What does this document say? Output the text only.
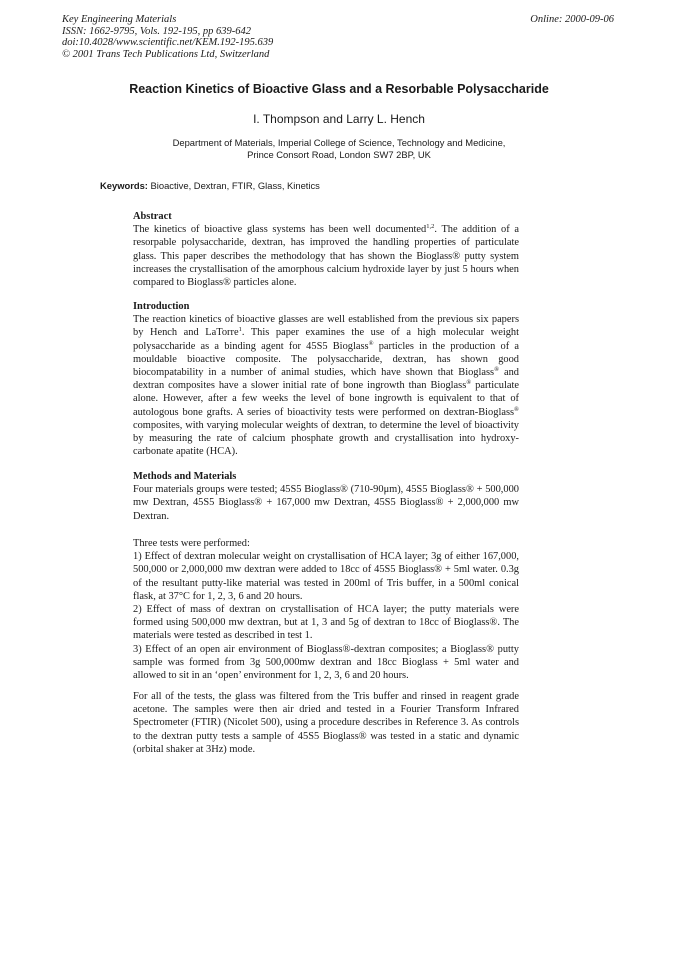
Key Engineering Materials
ISSN: 1662-9795, Vols. 192-195, pp 639-642
doi:10.4028/www.scientific.net/KEM.192-195.639
© 2001 Trans Tech Publications Ltd, Switzerland
Online: 2000-09-06
Reaction Kinetics of Bioactive Glass and a Resorbable Polysaccharide
I. Thompson and Larry L. Hench
Department of Materials, Imperial College of Science, Technology and Medicine,
Prince Consort Road, London SW7 2BP, UK
Keywords: Bioactive, Dextran, FTIR, Glass, Kinetics
Abstract

The kinetics of bioactive glass systems has been well documented$^{1,2}$. The addition of a resorpable polysaccharide, dextran, has improved the handling properties of particulate glass. This paper describes the methodology that has shown the Bioglass® putty system increases the crystallisation of the amorphous calcium hydroxide layer by just 5 hours when compared to Bioglass® particles alone.

Introduction

The reaction kinetics of bioactive glasses are well established from the previous six papers by Hench and LaTorre$^1$. This paper examines the use of a high molecular weight polysaccharide as a binding agent for 45S5 Bioglass® particles in the production of a mouldable bioactive composite. The polysaccharide, dextran, has shown good biocompatability in a number of animal studies, which have shown that Bioglass® and dextran composites have a slower initial rate of bone ingrowth than Bioglass® particulate alone. However, after a few weeks the level of bone ingrowth is equivalent to that of autologous bone grafts. A series of bioactivity tests were performed on dextran-Bioglass® composites, with varying molecular weights of dextran, to determine the level of bioactivity by measuring the rate of calcium phosphate growth and crystallisation into hydroxy-carbonate apatite (HCA).

Methods and Materials

Four materials groups were tested; 45S5 Bioglass® (710-90μm), 45S5 Bioglass® + 500,000 mw Dextran, 45S5 Bioglass® + 167,000 mw Dextran, 45S5 Bioglass® + 2,000,000 mw Dextran.

Three tests were performed:

1) Effect of dextran molecular weight on crystallisation of HCA layer; 3g of either 167,000, 500,000 or 2,000,000 mw dextran were added to 18cc of 45S5 Bioglass® + 5ml water. 0.3g of the resultant putty-like material was tested in 200ml of Tris buffer, in a 500ml conical flask, at 37°C for 1, 2, 3, 6 and 20 hours.

2) Effect of mass of dextran on crystallisation of HCA layer; the putty materials were formed using 500,000 mw dextran, but at 1, 3 and 5g of dextran to 18cc of Bioglass®. The materials were tested as described in test 1.

3) Effect of an open air environment of Bioglass®-dextran composites; a Bioglass® putty sample was formed from 3g 500,000mw dextran and 18cc Bioglass + 5ml water and allowed to sit in an ‘open’ environment for 1, 2, 3, 6 and 20 hours.

For all of the tests, the glass was filtered from the Tris buffer and rinsed in reagent grade acetone. The samples were then air dried and tested in a Fourier Transform Infrared Spectrometer (FTIR) (Nicolet 500), using a procedure describes in Reference 3. As controls to the dextran putty tests a sample of 45S5 Bioglass® was tested in a static and dynamic (orbital shaker at 3Hz) mode.
